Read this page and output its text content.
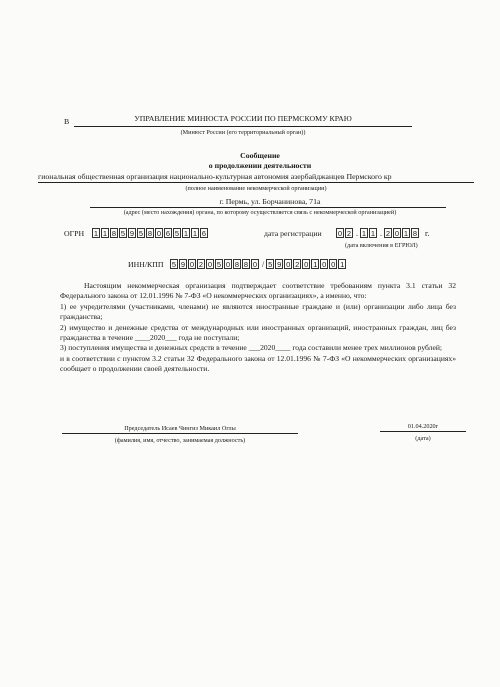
В	УПРАВЛЕНИЕ МИНЮСТА РОССИИ ПО ПЕРМСКОМУ КРАЮ
(Минюст России (его территориальный орган))
Сообщение
о продолжении деятельности
гиональная общественная организация национально-культурная автономия азербайджанцев Пермского кр
(полное наименование некоммерческой организации)
г. Пермь, ул. Борчанинова, 71а
(адрес (место нахождения) органа, по которому осуществляется связь с некоммерческой организацией)
ОГРН 1 1 8 5 9 5 8 0 6 5 1 1 6	дата регистрации 0 2 . 1 1 . 2 0 1 8 г.
(дата включения в ЕГРЮЛ)
ИНН/КПП 5 9 0 2 0 5 0 8 8 0 / 5 9 0 2 0 1 0 0 1

Настоящим некоммерческая организация подтверждает соответствие требованиям пункта 3.1 статьи 32 Федерального закона от 12.01.1996 № 7-ФЗ «О некоммерческих организациях», а именно, что:

1) ее учредителями (участниками, членами) не являются иностранные граждане и (или) организации либо лица без гражданства;

2) имущество и денежные средства от международных или иностранных организаций, иностранных граждан, лиц без гражданства в течение ____2020___ года не поступали;

3) поступления имущества и денежных средств в течение ___2020____ года составили менее трех миллионов рублей;

и в соответствии с пунктом 3.2 статьи 32 Федерального закона от 12.01.1996 № 7-ФЗ «О некоммерческих организациях» сообщает о продолжении своей деятельности.

Председатель Исаев Чингиз Микаил Оглы
(фамилия, имя, отчество, занимаемая должность)
01.04.2020г
(дата)
